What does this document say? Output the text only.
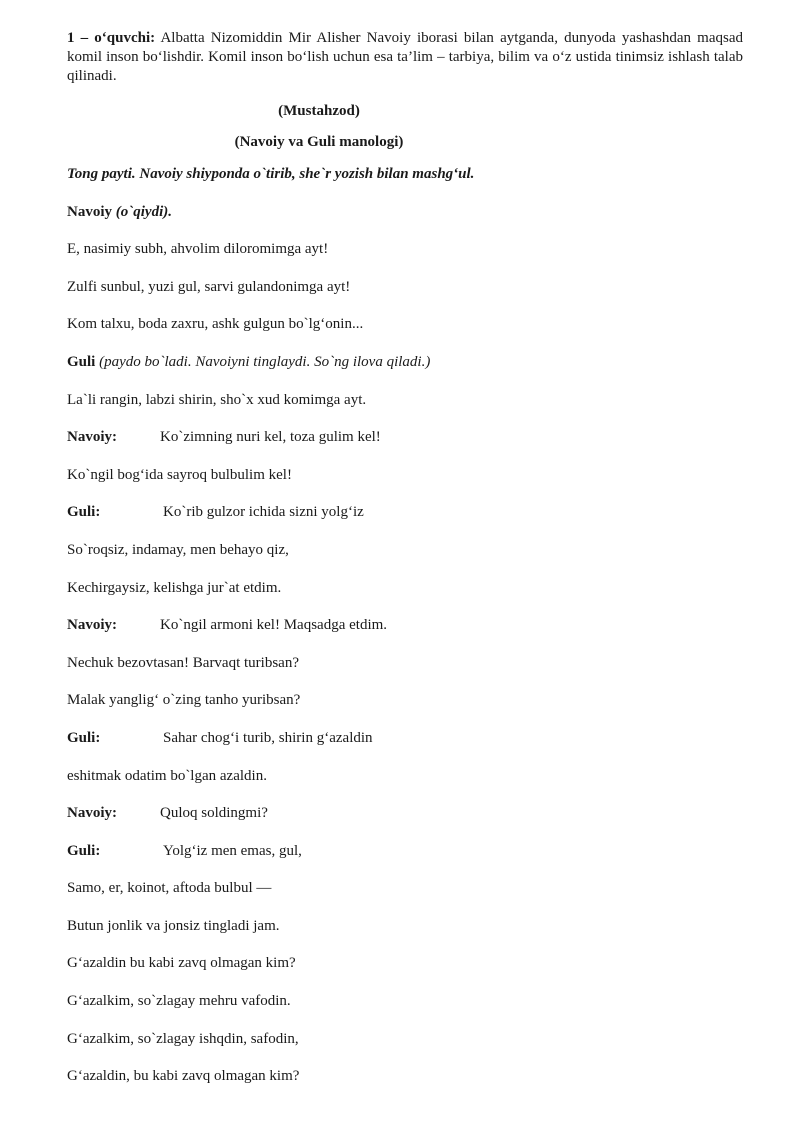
1 – o‘quvchi: Albatta Nizomiddin Mir Alisher Navoiy iborasi bilan aytganda, dunyoda yashashdan maqsad komil inson bo‘lishdir. Komil inson bo‘lish uchun esa ta’lim – tarbiya, bilim va o‘z ustida tinimsiz ishlash talab qilinadi.

(Mustahzod)

(Navoiy va Guli manologi)

Tong payti. Navoiy shiyponda o`tirib, she`r yozish bilan mashg‘ul.

Navoiy (o`qiydi).

E, nasimiy subh, ahvolim diloromimga ayt!

Zulfi sunbul, yuzi gul, sarvi gulandonimga ayt!

Kom talxu, boda zaxru, ashk gulgun bo`lg‘onin...

Guli (paydo bo`ladi. Navoiyni tinglaydi. So`ng ilova qiladi.)

La`li rangin, labzi shirin, sho`x xud komimga ayt.

Navoiy:	Ko`zimning nuri kel, toza gulim kel!

Ko`ngil bog‘ida sayroq bulbulim kel!

Guli:	Ko`rib gulzor ichida sizni yolg‘iz

So`roqsiz, indamay, men behayo qiz,

Kechirgaysiz, kelishga jur`at etdim.

Navoiy:	Ko`ngil armoni kel! Maqsadga etdim.

Nechuk bezovtasan! Barvaqt turibsan?

Malak yanglig‘ o`zing tanho yuribsan?

Guli:	Sahar chog‘i turib, shirin g‘azaldin

eshitmak odatim bo`lgan azaldin.

Navoiy:	Quloq soldingmi?

Guli:	Yolg‘iz men emas, gul,

Samo, er, koinot, aftoda bulbul —

Butun jonlik va jonsiz tingladi jam.

G‘azaldin bu kabi zavq olmagan kim?

G‘azalkim, so`zlagay mehru vafodin.

G‘azalkim, so`zlagay ishqdin, safodin,

G‘azaldin, bu kabi zavq olmagan kim?
